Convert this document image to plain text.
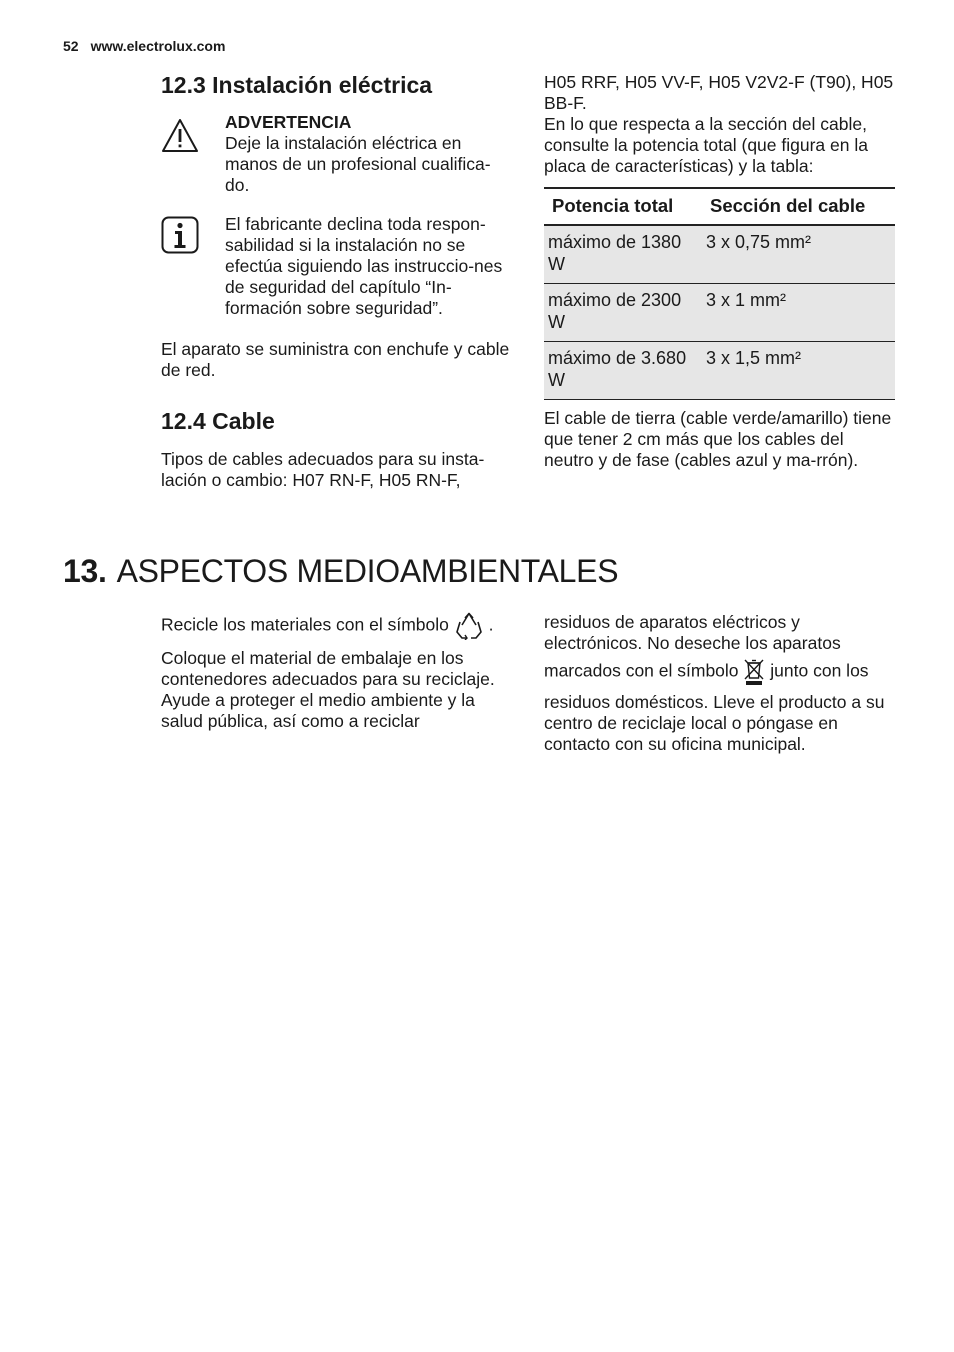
52 www.electrolux.com
12.3 Instalación eléctrica
ADVERTENCIA

Deje la instalación eléctrica en manos de un profesional cualifica-do.

El fabricante declina toda respon-sabilidad si la instalación no se efectúa siguiendo las instruccio-nes de seguridad del capítulo “In-formación sobre seguridad”.

El aparato se suministra con enchufe y cable de red.

12.4 Cable

Tipos de cables adecuados para su insta-lación o cambio: H07 RN-F, H05 RN-F,

H05 RRF, H05 VV-F, H05 V2V2-F (T90), H05 BB-F.

En lo que respecta a la sección del cable, consulte la potencia total (que figura en la placa de características) y la tabla:

Potencia total	Sección del cable
máximo de 1380 W	3 x 0,75 mm²
máximo de 2300 W	3 x 1 mm²
máximo de 3.680 W	3 x 1,5 mm²

El cable de tierra (cable verde/amarillo) tiene que tener 2 cm más que los cables del neutro y de fase (cables azul y ma-rrón).

13. ASPECTOS MEDIOAMBIENTALES

Recicle los materiales con el símbolo .

Coloque el material de embalaje en los contenedores adecuados para su reciclaje.

Ayude a proteger el medio ambiente y la salud pública, así como a reciclar

residuos de aparatos eléctricos y electrónicos. No deseche los aparatos

marcados con el símbolo junto con los

residuos domésticos. Lleve el producto a su centro de reciclaje local o póngase en contacto con su oficina municipal.
